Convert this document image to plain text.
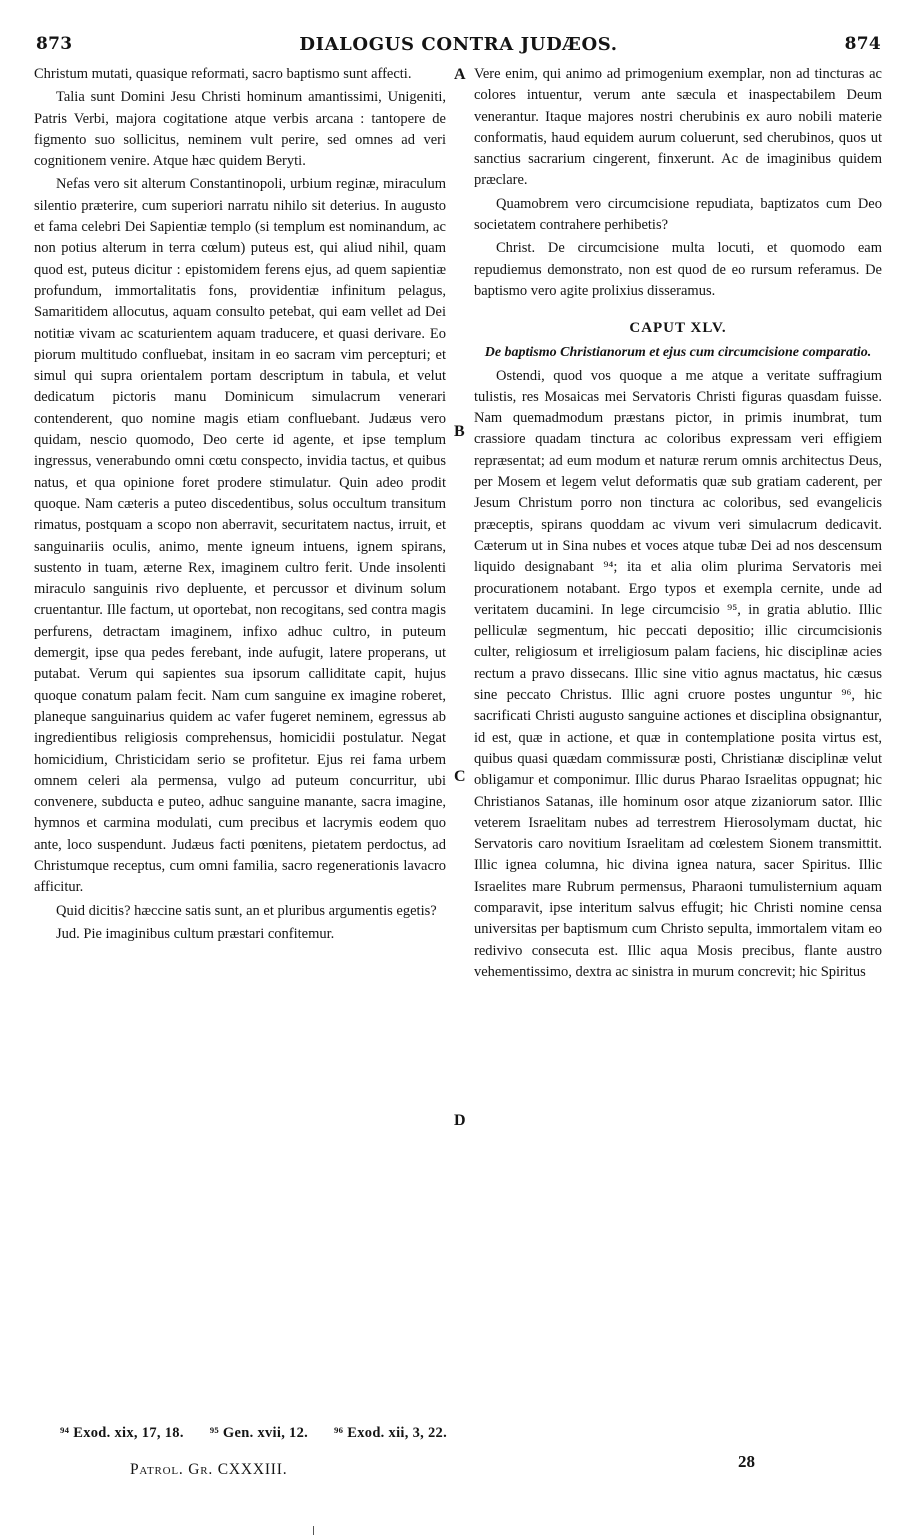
873	DIALOGUS CONTRA JUDÆOS.	874

Christum mutati, quasique reformati, sacro baptismo sunt affecti.

Talia sunt Domini Jesu Christi hominum amantissimi, Unigeniti, Patris Verbi, majora cogitatione atque verbis arcana : tantopere de figmento suo sollicitus, neminem vult perire, sed omnes ad veri cognitionem venire. Atque hæc quidem Beryti.

Nefas vero sit alterum Constantinopoli, urbium reginæ, miraculum silentio præterire, cum superiori narratu nihilo sit deterius. In augusto et fama celebri Dei Sapientiæ templo (si templum est nominandum, ac non potius alterum in terra cœlum) puteus est, qui aliud nihil, quam quod est, puteus dicitur : epistomidem ferens ejus, ad quem sapientiæ profundum, immortalitatis fons, providentiæ infinitum pelagus, Samaritidem allocutus, aquam consulto petebat, qui eam vellet ad Dei notitiæ vivam ac scaturientem aquam traducere, et quasi derivare. Eo piorum multitudo confluebat, insitam in eo sacram vim percepturi; et simul qui supra orientalem portam descriptum in tabula, et velut dedicatum pictoris manu Dominicum simulacrum venerari contenderent, quo nomine magis etiam confluebant. Judæus vero quidam, nescio quomodo, Deo certe id agente, et ipse templum ingressus, venerabundo omni cœtu conspecto, invidia tactus, et quibus natus, et qua opinione foret prodere stimulatur. Quin adeo prodit quoque. Nam cæteris a puteo discedentibus, solus occultum transitum rimatus, postquam a scopo non aberravit, securitatem nactus, irruit, et sanguinariis oculis, animo, mente igneum intuens, ignem spirans, sustento in tuam, æterne Rex, imaginem cultro ferit. Unde insolenti miraculo sanguinis rivo depluente, et percussor et divinum solum cruentantur. Ille factum, ut oportebat, non recogitans, sed contra magis perfurens, detractam imaginem, infixo adhuc cultro, in puteum demergit, ipse qua pedes ferebant, inde aufugit, latere properans, ut putabat. Verum qui sapientes sua ipsorum calliditate capit, hujus quoque conatum palam fecit. Nam cum sanguine ex imagine roberet, planeque sanguinarius quidem ac vafer fugeret neminem, egressus ab ingredientibus religiosis comprehensus, homicidii postulatur. Negat homicidium, Christicidam serio se profitetur. Ejus rei fama urbem omnem celeri ala permensa, vulgo ad puteum concurritur, ubi convenere, subducta e puteo, adhuc sanguine manante, sacra imagine, hymnos et carmina modulati, cum precibus et lacrymis eodem quo ante, loco suspendunt. Judæus facti pœnitens, pietatem perdoctus, ad Christumque receptus, cum omni familia, sacro regenerationis lavacro afficitur.

Quid dicitis? hæccine satis sunt, an et pluribus argumentis egetis?

Jud. Pie imaginibus cultum præstari confitemur.

A
B
C
D

Vere enim, qui animo ad primogenium exemplar, non ad tincturas ac colores intuentur, verum ante sæcula et inaspectabilem Deum venerantur. Itaque majores nostri cherubinis ex auro nobili materie conformatis, haud equidem aurum coluerunt, sed cherubinos, quos ut sanctius sacrarium cingerent, finxerunt. Ac de imaginibus quidem præclare.

Quamobrem vero circumcisione repudiata, baptizatos cum Deo societatem contrahere perhibetis?

Christ. De circumcisione multa locuti, et quomodo eam repudiemus demonstrato, non est quod de eo rursum referamus. De baptismo vero agite prolixius disseramus.

CAPUT XLV.
De baptismo Christianorum et ejus cum circumcisione comparatio.

Ostendi, quod vos quoque a me atque a veritate suffragium tulistis, res Mosaicas mei Servatoris Christi figuras quasdam fuisse. Nam quemadmodum præstans pictor, in primis inumbrat, tum crassiore quadam tinctura ac coloribus expressam veri effigiem repræsentat; ad eum modum et naturæ rerum omnis architectus Deus, per Mosem et legem velut deformatis quæ sub gratiam caderent, per Jesum Christum porro non tinctura ac coloribus, sed evangelicis præceptis, spirans quoddam ac vivum veri simulacrum dedicavit. Cæterum ut in Sina nubes et voces atque tubæ Dei ad nos descensum liquido designabant ⁹⁴; ita et alia olim plurima Servatoris mei procurationem notabant. Ergo typos et exempla cernite, unde ad veritatem ducamini. In lege circumcisio ⁹⁵, in gratia ablutio. Illic pelliculæ segmentum, hic peccati depositio; illic circumcisionis culter, religiosum et irreligiosum palam faciens, hic disciplinæ acies rectum a pravo dissecans. Illic sine vitio agnus mactatus, hic cæsus sine peccato Christus. Illic agni cruore postes unguntur ⁹⁶, hic sacrificati Christi augusto sanguine actiones et disciplina obsignantur, id est, quæ in actione, et quæ in contemplatione posita virtus est, quibus quasi quædam commissuræ posti, Christianæ disciplinæ velut obligamur et componimur. Illic durus Pharao Israelitas oppugnat; hic Christianos Satanas, ille hominum osor atque zizaniorum sator. Illic veterem Israelitam nubes ad terrestrem Hierosolymam ductat, hic Servatoris caro novitium Israelitam ad cœlestem Sionem transmittit. Illic ignea columna, hic divina ignea natura, sacer Spiritus. Illic Israelites mare Rubrum permensus, Pharaoni tumulisternium aquam comparavit, ipse interitum salvus effugit; hic Christi nomine censa universitas per baptismum cum Christo sepulta, immortalem vitam eo redivivo consecuta est. Illic aqua Mosis precibus, flante austro vehementissimo, dextra ac sinistra in murum concrevit; hic Spiritus

⁹⁴ Exod. xix, 17, 18. ⁹⁵ Gen. xvii, 12. ⁹⁶ Exod. xii, 3, 22.
Patrol. Gr. CXXXIII.	28
